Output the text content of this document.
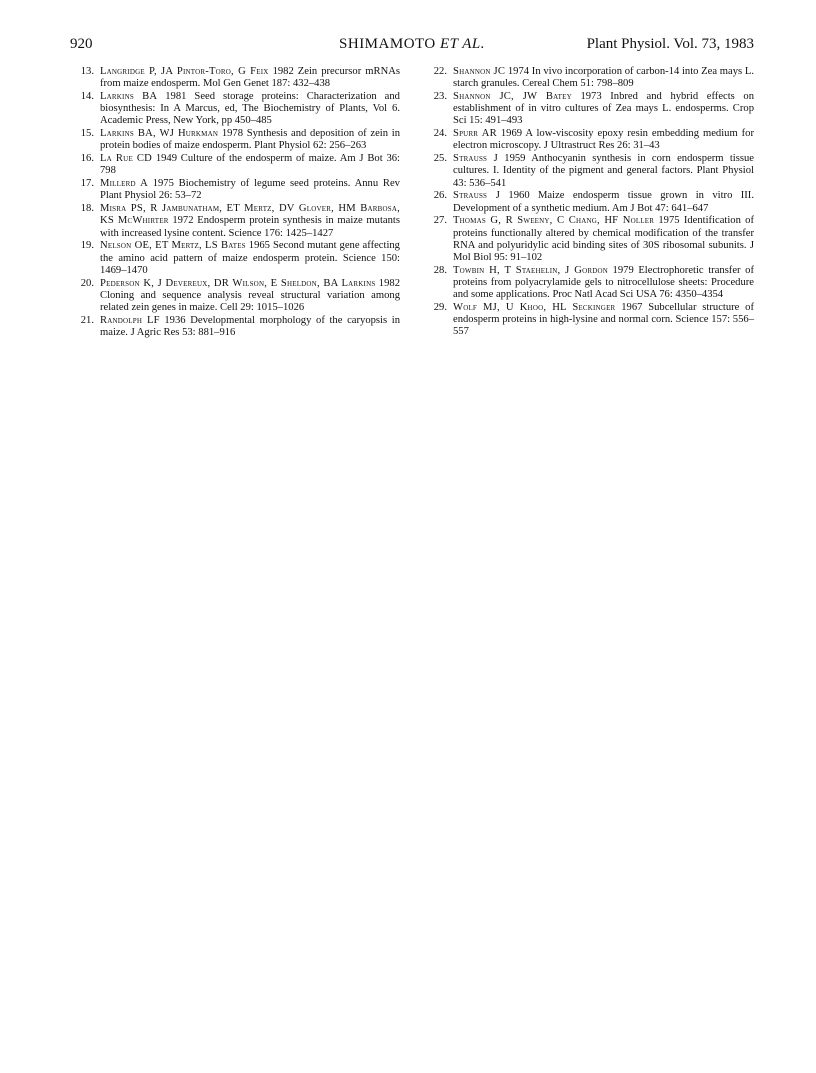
920	SHIMAMOTO ET AL.	Plant Physiol. Vol. 73, 1983
13 . Langridge P, JA Pintor-Toro, G Feix 1982 Zein precursor mRNAs from maize endosperm. Mol Gen Genet 187: 432–438
14 . Larkins BA 1981 Seed storage proteins: Characterization and biosynthesis: In A Marcus, ed, The Biochemistry of Plants, Vol 6. Academic Press, New York, pp 450–485
15 . Larkins BA, WJ Hurkman 1978 Synthesis and deposition of zein in protein bodies of maize endosperm. Plant Physiol 62: 256–263
16 . La Rue CD 1949 Culture of the endosperm of maize. Am J Bot 36: 798
17 . Millerd A 1975 Biochemistry of legume seed proteins. Annu Rev Plant Physiol 26: 53–72
18 . Misra PS, R Jambunatham, ET Mertz, DV Glover, HM Barbosa, KS McWhirter 1972 Endosperm protein synthesis in maize mutants with increased lysine content. Science 176: 1425–1427
19 . Nelson OE, ET Mertz, LS Bates 1965 Second mutant gene affecting the amino acid pattern of maize endosperm protein. Science 150: 1469–1470
20 . Pederson K, J Devereux, DR Wilson, E Sheldon, BA Larkins 1982 Cloning and sequence analysis reveal structural variation among related zein genes in maize. Cell 29: 1015–1026
21 . Randolph LF 1936 Developmental morphology of the caryopsis in maize. J Agric Res 53: 881–916
22 . Shannon JC 1974 In vivo incorporation of carbon-14 into Zea mays L. starch granules. Cereal Chem 51: 798–809
23 . Shannon JC, JW Batey 1973 Inbred and hybrid effects on establishment of in vitro cultures of Zea mays L. endosperms. Crop Sci 15: 491–493
24 . Spurr AR 1969 A low-viscosity epoxy resin embedding medium for electron microscopy. J Ultrastruct Res 26: 31–43
25 . Strauss J 1959 Anthocyanin synthesis in corn endosperm tissue cultures. I. Identity of the pigment and general factors. Plant Physiol 43: 536–541
26 . Strauss J 1960 Maize endosperm tissue grown in vitro III. Development of a synthetic medium. Am J Bot 47: 641–647
27 . Thomas G, R Sweeny, C Chang, HF Noller 1975 Identification of proteins functionally altered by chemical modification of the transfer RNA and polyuridylic acid binding sites of 30S ribosomal subunits. J Mol Biol 95: 91–102
28 . Towbin H, T Staehelin, J Gordon 1979 Electrophoretic transfer of proteins from polyacrylamide gels to nitrocellulose sheets: Procedure and some applications. Proc Natl Acad Sci USA 76: 4350–4354
29 . Wolf MJ, U Khoo, HL Seckinger 1967 Subcellular structure of endosperm proteins in high-lysine and normal corn. Science 157: 556–557
